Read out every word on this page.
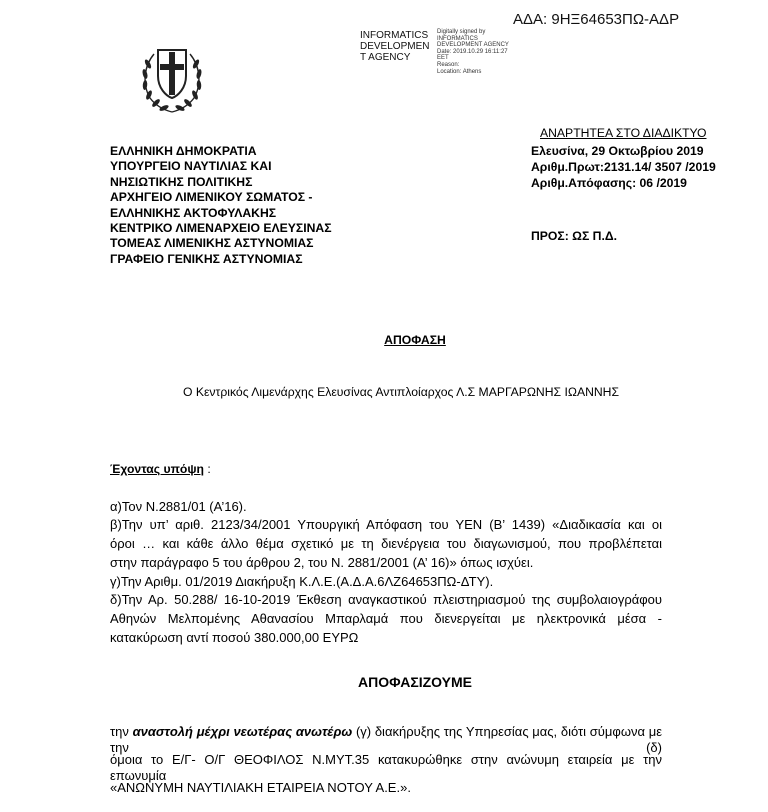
INFORMATICS
DEVELOPMEN
T AGENCY
Digitally signed by
INFORMATICS
DEVELOPMENT AGENCY
Date: 2019.10.29 16:11:27
EET
Reason:
Location: Athens
ΑΔΑ: 9ΗΞ64653ΠΩ-ΑΔΡ
ΕΛΛΗΝΙΚΗ ΔΗΜΟΚΡΑΤΙΑ
ΥΠΟΥΡΓΕΙΟ ΝΑΥΤΙΛΙΑΣ ΚΑΙ
ΝΗΣΙΩΤΙΚΗΣ ΠΟΛΙΤΙΚΗΣ
ΑΡΧΗΓΕΙΟ ΛΙΜΕΝΙΚΟΥ ΣΩΜΑΤΟΣ -
ΕΛΛΗΝΙΚΗΣ ΑΚΤΟΦΥΛΑΚΗΣ
ΚΕΝΤΡΙΚΟ ΛΙΜΕΝΑΡΧΕΙΟ ΕΛΕΥΣΙΝΑΣ
ΤΟΜΕΑΣ ΛΙΜΕΝΙΚΗΣ ΑΣΤΥΝΟΜΙΑΣ
ΓΡΑΦΕΙΟ ΓΕΝΙΚΗΣ ΑΣΤΥΝΟΜΙΑΣ
ΑΝΑΡΤΗΤΕΑ ΣΤΟ ΔΙΑΔΙΚΤΥΟ
Ελευσίνα, 29 Οκτωβρίου 2019
Αριθμ.Πρωτ:2131.14/ 3507 /2019
Αριθμ.Απόφασης: 06 /2019
ΠΡΟΣ: ΩΣ Π.Δ.
ΑΠΟΦΑΣΗ
Ο Κεντρικός Λιμενάρχης Ελευσίνας Αντιπλοίαρχος Λ.Σ ΜΑΡΓΑΡΩΝΗΣ ΙΩΑΝΝΗΣ
Έχοντας υπόψη :
α)Τον Ν.2881/01 (Α’16).
β)Την υπ’ αριθ. 2123/34/2001 Υπουργική Απόφαση του ΥΕΝ (Β’ 1439) «Διαδικασία και οι
όροι … και κάθε άλλο θέμα σχετικό με τη διενέργεια του διαγωνισμού, που προβλέπεται
στην παράγραφο 5 του άρθρου 2, του Ν. 2881/2001 (Α’ 16)» όπως ισχύει.
γ)Την Αριθμ. 01/2019 Διακήρυξη Κ.Λ.Ε.(Α.Δ.Α.6ΛΖ64653ΠΩ-ΔΤΥ).
δ)Την Αρ. 50.288/ 16-10-2019 Έκθεση αναγκαστικού πλειστηριασμού της συμβολαιογράφου
Αθηνών Μελπομένης Αθανασίου Μπαρλαμά που διενεργείται με ηλεκτρονικά μέσα -
κατακύρωση αντί ποσού 380.000,00 ΕΥΡΩ
ΑΠΟΦΑΣΙΖΟΥΜΕ
την αναστολή μέχρι νεωτέρας ανωτέρω (γ) διακήρυξης της Υπηρεσίας μας, διότι σύμφωνα με την (δ)
όμοια το Ε/Γ- Ο/Γ ΘΕΟΦΙΛΟΣ Ν.ΜΥΤ.35 κατακυρώθηκε στην ανώνυμη εταιρεία με την επωνυμία
«ΑΝΩΝΥΜΗ ΝΑΥΤΙΛΙΑΚΗ ΕΤΑΙΡΕΙΑ ΝΟΤΟΥ Α.Ε.».
